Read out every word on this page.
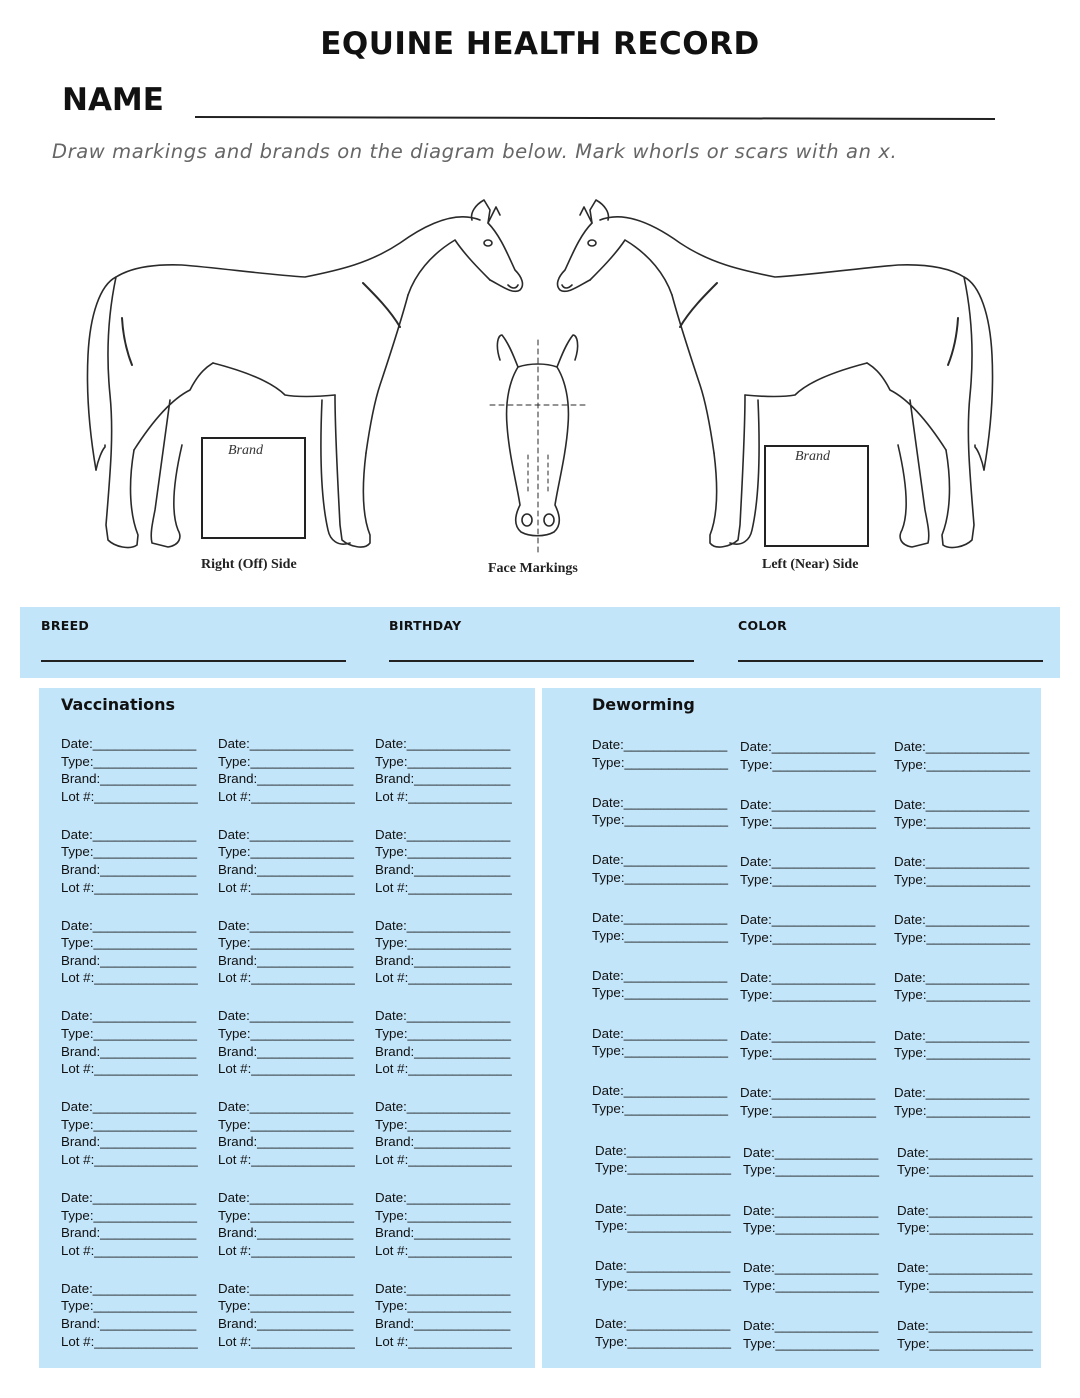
EQUINE HEALTH RECORD
NAME
Draw markings and brands on the diagram below. Mark whorls or scars with an x.
Brand	Brand
Right (Off) Side	Face Markings	Left (Near) Side
BREED	BIRTHDAY	COLOR
Vaccinations
Date:______________
Type:______________
Brand:_____________
Lot #:______________
Date:______________
Type:______________
Brand:_____________
Lot #:______________
Date:______________
Type:______________
Brand:_____________
Lot #:______________
Date:______________
Type:______________
Brand:_____________
Lot #:______________
Date:______________
Type:______________
Brand:_____________
Lot #:______________
Date:______________
Type:______________
Brand:_____________
Lot #:______________
Date:______________
Type:______________
Brand:_____________
Lot #:______________
Date:______________
Type:______________
Brand:_____________
Lot #:______________
Date:______________
Type:______________
Brand:_____________
Lot #:______________
Date:______________
Type:______________
Brand:_____________
Lot #:______________
Date:______________
Type:______________
Brand:_____________
Lot #:______________
Date:______________
Type:______________
Brand:_____________
Lot #:______________
Date:______________
Type:______________
Brand:_____________
Lot #:______________
Date:______________
Type:______________
Brand:_____________
Lot #:______________
Date:______________
Type:______________
Brand:_____________
Lot #:______________
Date:______________
Type:______________
Brand:_____________
Lot #:______________
Date:______________
Type:______________
Brand:_____________
Lot #:______________
Date:______________
Type:______________
Brand:_____________
Lot #:______________
Date:______________
Type:______________
Brand:_____________
Lot #:______________
Date:______________
Type:______________
Brand:_____________
Lot #:______________
Date:______________
Type:______________
Brand:_____________
Lot #:______________
Deworming
Date:______________
Type:______________
Date:______________
Type:______________
Date:______________
Type:______________
Date:______________
Type:______________
Date:______________
Type:______________
Date:______________
Type:______________
Date:______________
Type:______________
Date:______________
Type:______________
Date:______________
Type:______________
Date:______________
Type:______________
Date:______________
Type:______________
Date:______________
Type:______________
Date:______________
Type:______________
Date:______________
Type:______________
Date:______________
Type:______________
Date:______________
Type:______________
Date:______________
Type:______________
Date:______________
Type:______________
Date:______________
Type:______________
Date:______________
Type:______________
Date:______________
Type:______________
Date:______________
Type:______________
Date:______________
Type:______________
Date:______________
Type:______________
Date:______________
Type:______________
Date:______________
Type:______________
Date:______________
Type:______________
Date:______________
Type:______________
Date:______________
Type:______________
Date:______________
Type:______________
Date:______________
Type:______________
Date:______________
Type:______________
Date:______________
Type:______________
